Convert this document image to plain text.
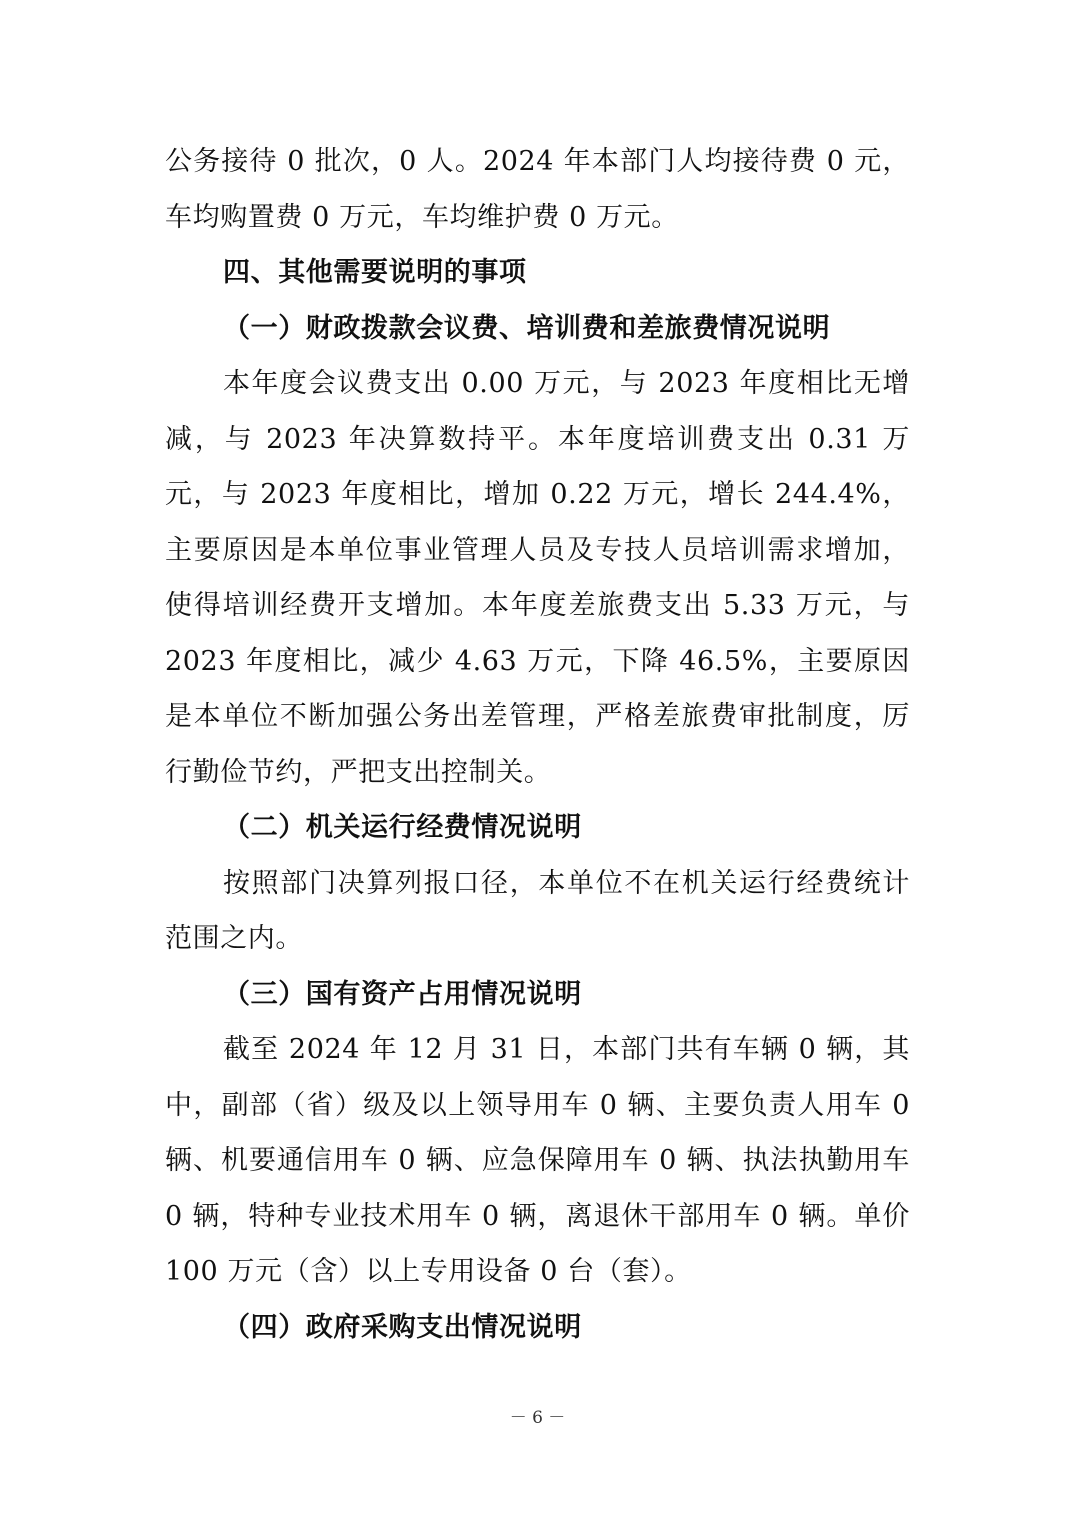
公务接待 0 批次，0 人。2024 年本部门人均接待费 0 元，车均购置费 0 万元，车均维护费 0 万元。

四、其他需要说明的事项

（一）财政拨款会议费、培训费和差旅费情况说明

本年度会议费支出 0.00 万元，与 2023 年度相比无增减，与 2023 年决算数持平。本年度培训费支出 0.31 万元，与 2023 年度相比，增加 0.22 万元，增长 244.4%，主要原因是本单位事业管理人员及专技人员培训需求增加，使得培训经费开支增加。本年度差旅费支出 5.33 万元，与 2023 年度相比，减少 4.63 万元，下降 46.5%，主要原因是本单位不断加强公务出差管理，严格差旅费审批制度，厉行勤俭节约，严把支出控制关。

（二）机关运行经费情况说明

按照部门决算列报口径，本单位不在机关运行经费统计范围之内。

（三）国有资产占用情况说明

截至 2024 年 12 月 31 日，本部门共有车辆 0 辆，其中，副部（省）级及以上领导用车 0 辆、主要负责人用车 0 辆、机要通信用车 0 辆、应急保障用车 0 辆、执法执勤用车 0 辆，特种专业技术用车 0 辆，离退休干部用车 0 辆。单价 100 万元（含）以上专用设备 0 台（套）。

（四）政府采购支出情况说明

－ 6 －
